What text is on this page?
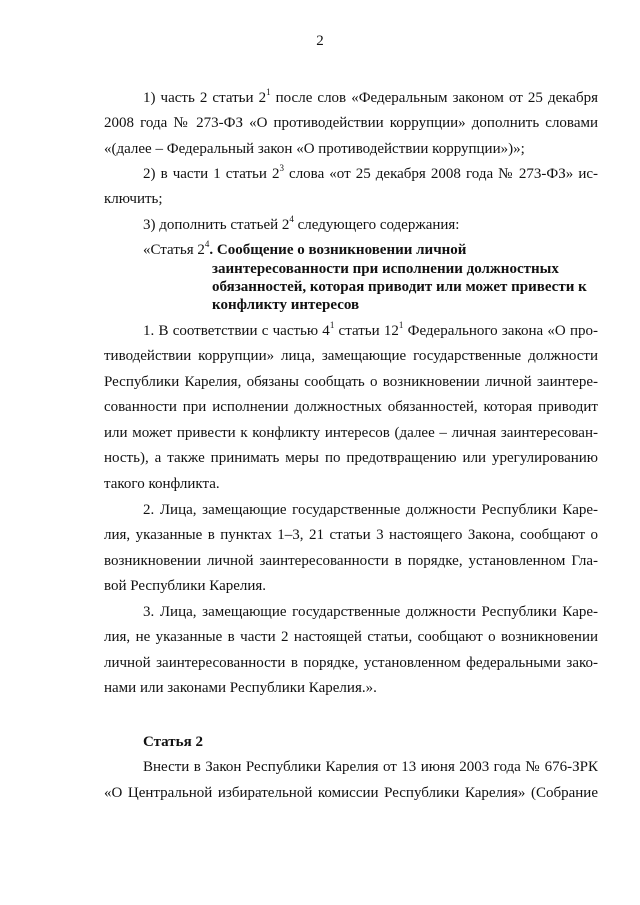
2
1) часть 2 статьи $2^1$ после слов «Федеральным законом от 25 декабря
2008 года № 273-ФЗ «О противодействии коррупции» дополнить словами
«(далее – Федеральный закон «О противодействии коррупции»)»;
2) в части 1 статьи $2^3$ слова «от 25 декабря 2008 года № 273-ФЗ» ис-
ключить;
3) дополнить статьей $2^4$ следующего содержания:
«Статья $2^4$. Сообщение о возникновении личной
заинтересованности при исполнении должностных
обязанностей, которая приводит или может привести к
конфликту интересов
1. В соответствии с частью $4^1$ статьи $12^1$ Федерального закона «О про-
тиводействии коррупции» лица, замещающие государственные должности
Республики Карелия, обязаны сообщать о возникновении личной заинтере-
сованности при исполнении должностных обязанностей, которая приводит
или может привести к конфликту интересов (далее – личная заинтересован-
ность), а также принимать меры по предотвращению или урегулированию
такого конфликта.
2. Лица, замещающие государственные должности Республики Каре-
лия, указанные в пунктах 1–3, 21 статьи 3 настоящего Закона, сообщают о
возникновении личной заинтересованности в порядке, установленном Гла-
вой Республики Карелия.
3. Лица, замещающие государственные должности Республики Каре-
лия, не указанные в части 2 настоящей статьи, сообщают о возникновении
личной заинтересованности в порядке, установленном федеральными зако-
нами или законами Республики Карелия.».
Статья 2
Внести в Закон Республики Карелия от 13 июня 2003 года № 676-ЗРК
«О Центральной избирательной комиссии Республики Карелия» (Собрание
